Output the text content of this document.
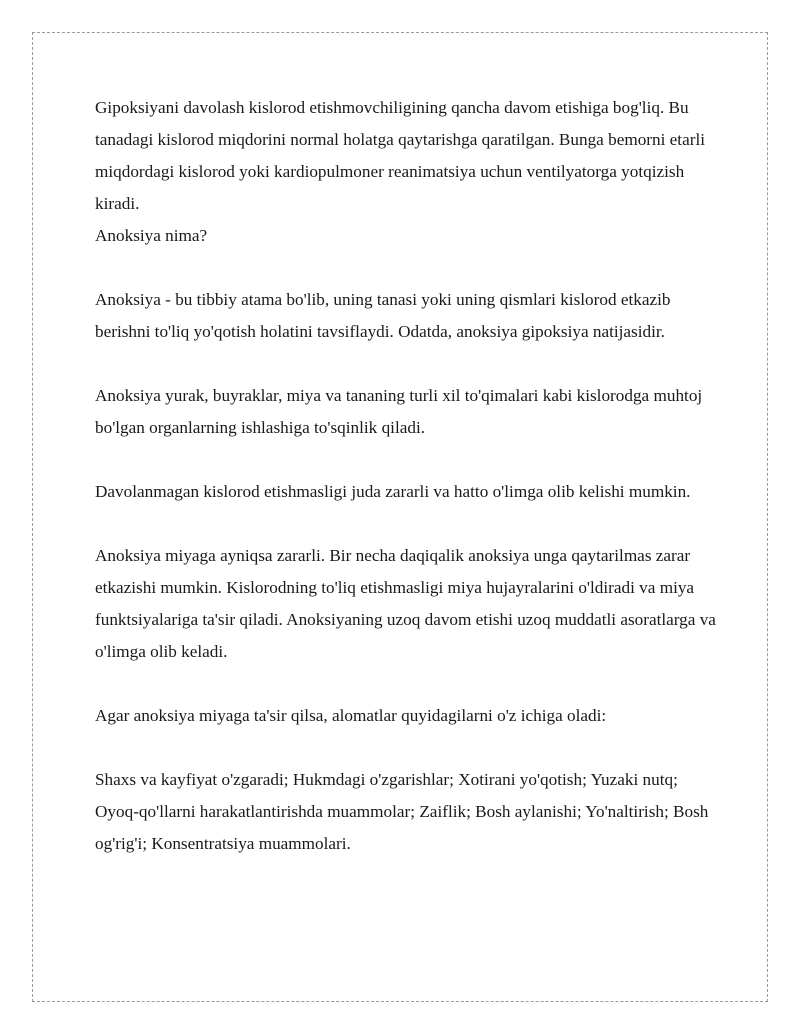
Gipoksiyani davolash kislorod etishmovchiligining qancha davom etishiga bog'liq. Bu tanadagi kislorod miqdorini normal holatga qaytarishga qaratilgan. Bunga bemorni etarli miqdordagi kislorod yoki kardiopulmoner reanimatsiya uchun ventilyatorga yotqizish kiradi.

Anoksiya nima?

Anoksiya - bu tibbiy atama bo'lib, uning tanasi yoki uning qismlari kislorod etkazib berishni to'liq yo'qotish holatini tavsiflaydi. Odatda, anoksiya gipoksiya natijasidir.

Anoksiya yurak, buyraklar, miya va tananing turli xil to'qimalari kabi kislorodga muhtoj bo'lgan organlarning ishlashiga to'sqinlik qiladi.

Davolanmagan kislorod etishmasligi juda zararli va hatto o'limga olib kelishi mumkin.

Anoksiya miyaga ayniqsa zararli. Bir necha daqiqalik anoksiya unga qaytarilmas zarar etkazishi mumkin. Kislorodning to'liq etishmasligi miya hujayralarini o'ldiradi va miya funktsiyalariga ta'sir qiladi. Anoksiyaning uzoq davom etishi uzoq muddatli asoratlarga va o'limga olib keladi.

Agar anoksiya miyaga ta'sir qilsa, alomatlar quyidagilarni o'z ichiga oladi:

Shaxs va kayfiyat o'zgaradi; Hukmdagi o'zgarishlar; Xotirani yo'qotish; Yuzaki nutq; Oyoq-qo'llarni harakatlantirishda muammolar; Zaiflik; Bosh aylanishi; Yo'naltirish; Bosh og'rig'i; Konsentratsiya muammolari.
